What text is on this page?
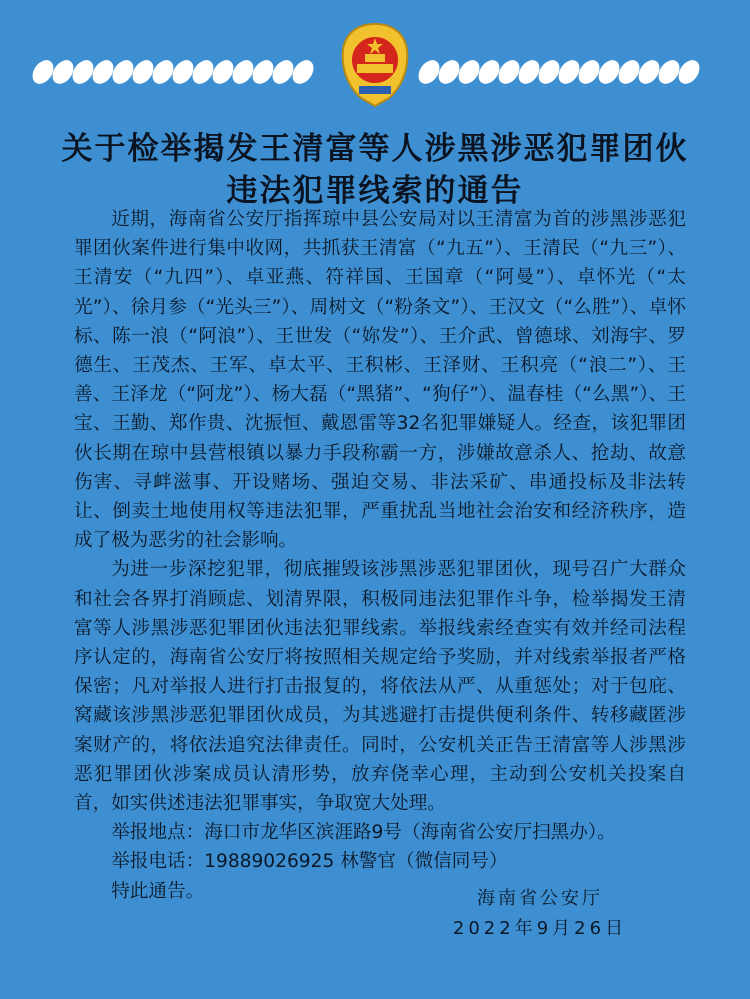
关于检举揭发王清富等人涉黑涉恶犯罪团伙
违法犯罪线索的通告

近期，海南省公安厅指挥琼中县公安局对以王清富为首的涉黑涉恶犯罪团伙案件进行集中收网，共抓获王清富（“九五”）、王清民（“九三”）、王清安（“九四”）、卓亚燕、符祥国、王国章（“阿曼”）、卓怀光（“太光”）、徐月参（“光头三”）、周树文（“粉条文”）、王汉文（“么胜”）、卓怀标、陈一浪（“阿浪”）、王世发（“妳发”）、王介武、曾德球、刘海宇、罗德生、王茂杰、王军、卓太平、王积彬、王泽财、王积亮（“浪二”）、王善、王泽龙（“阿龙”）、杨大磊（“黑猪”、“狗仔”）、温春桂（“么黑”）、王宝、王勤、郑作贵、沈振恒、戴恩雷等32名犯罪嫌疑人。经查，该犯罪团伙长期在琼中县营根镇以暴力手段称霸一方，涉嫌故意杀人、抢劫、故意伤害、寻衅滋事、开设赌场、强迫交易、非法采矿、串通投标及非法转让、倒卖土地使用权等违法犯罪，严重扰乱当地社会治安和经济秩序，造成了极为恶劣的社会影响。

为进一步深挖犯罪，彻底摧毁该涉黑涉恶犯罪团伙，现号召广大群众和社会各界打消顾虑、划清界限，积极同违法犯罪作斗争，检举揭发王清富等人涉黑涉恶犯罪团伙违法犯罪线索。举报线索经查实有效并经司法程序认定的，海南省公安厅将按照相关规定给予奖励，并对线索举报者严格保密；凡对举报人进行打击报复的，将依法从严、从重惩处；对于包庇、窝藏该涉黑涉恶犯罪团伙成员，为其逃避打击提供便利条件、转移藏匿涉案财产的，将依法追究法律责任。同时，公安机关正告王清富等人涉黑涉恶犯罪团伙涉案成员认清形势，放弃侥幸心理，主动到公安机关投案自首，如实供述违法犯罪事实，争取宽大处理。

举报地点：海口市龙华区滨涯路9号（海南省公安厅扫黑办）。

举报电话：19889026925 林警官（微信同号）

特此通告。	海南省公安厅
2022年9月26日
